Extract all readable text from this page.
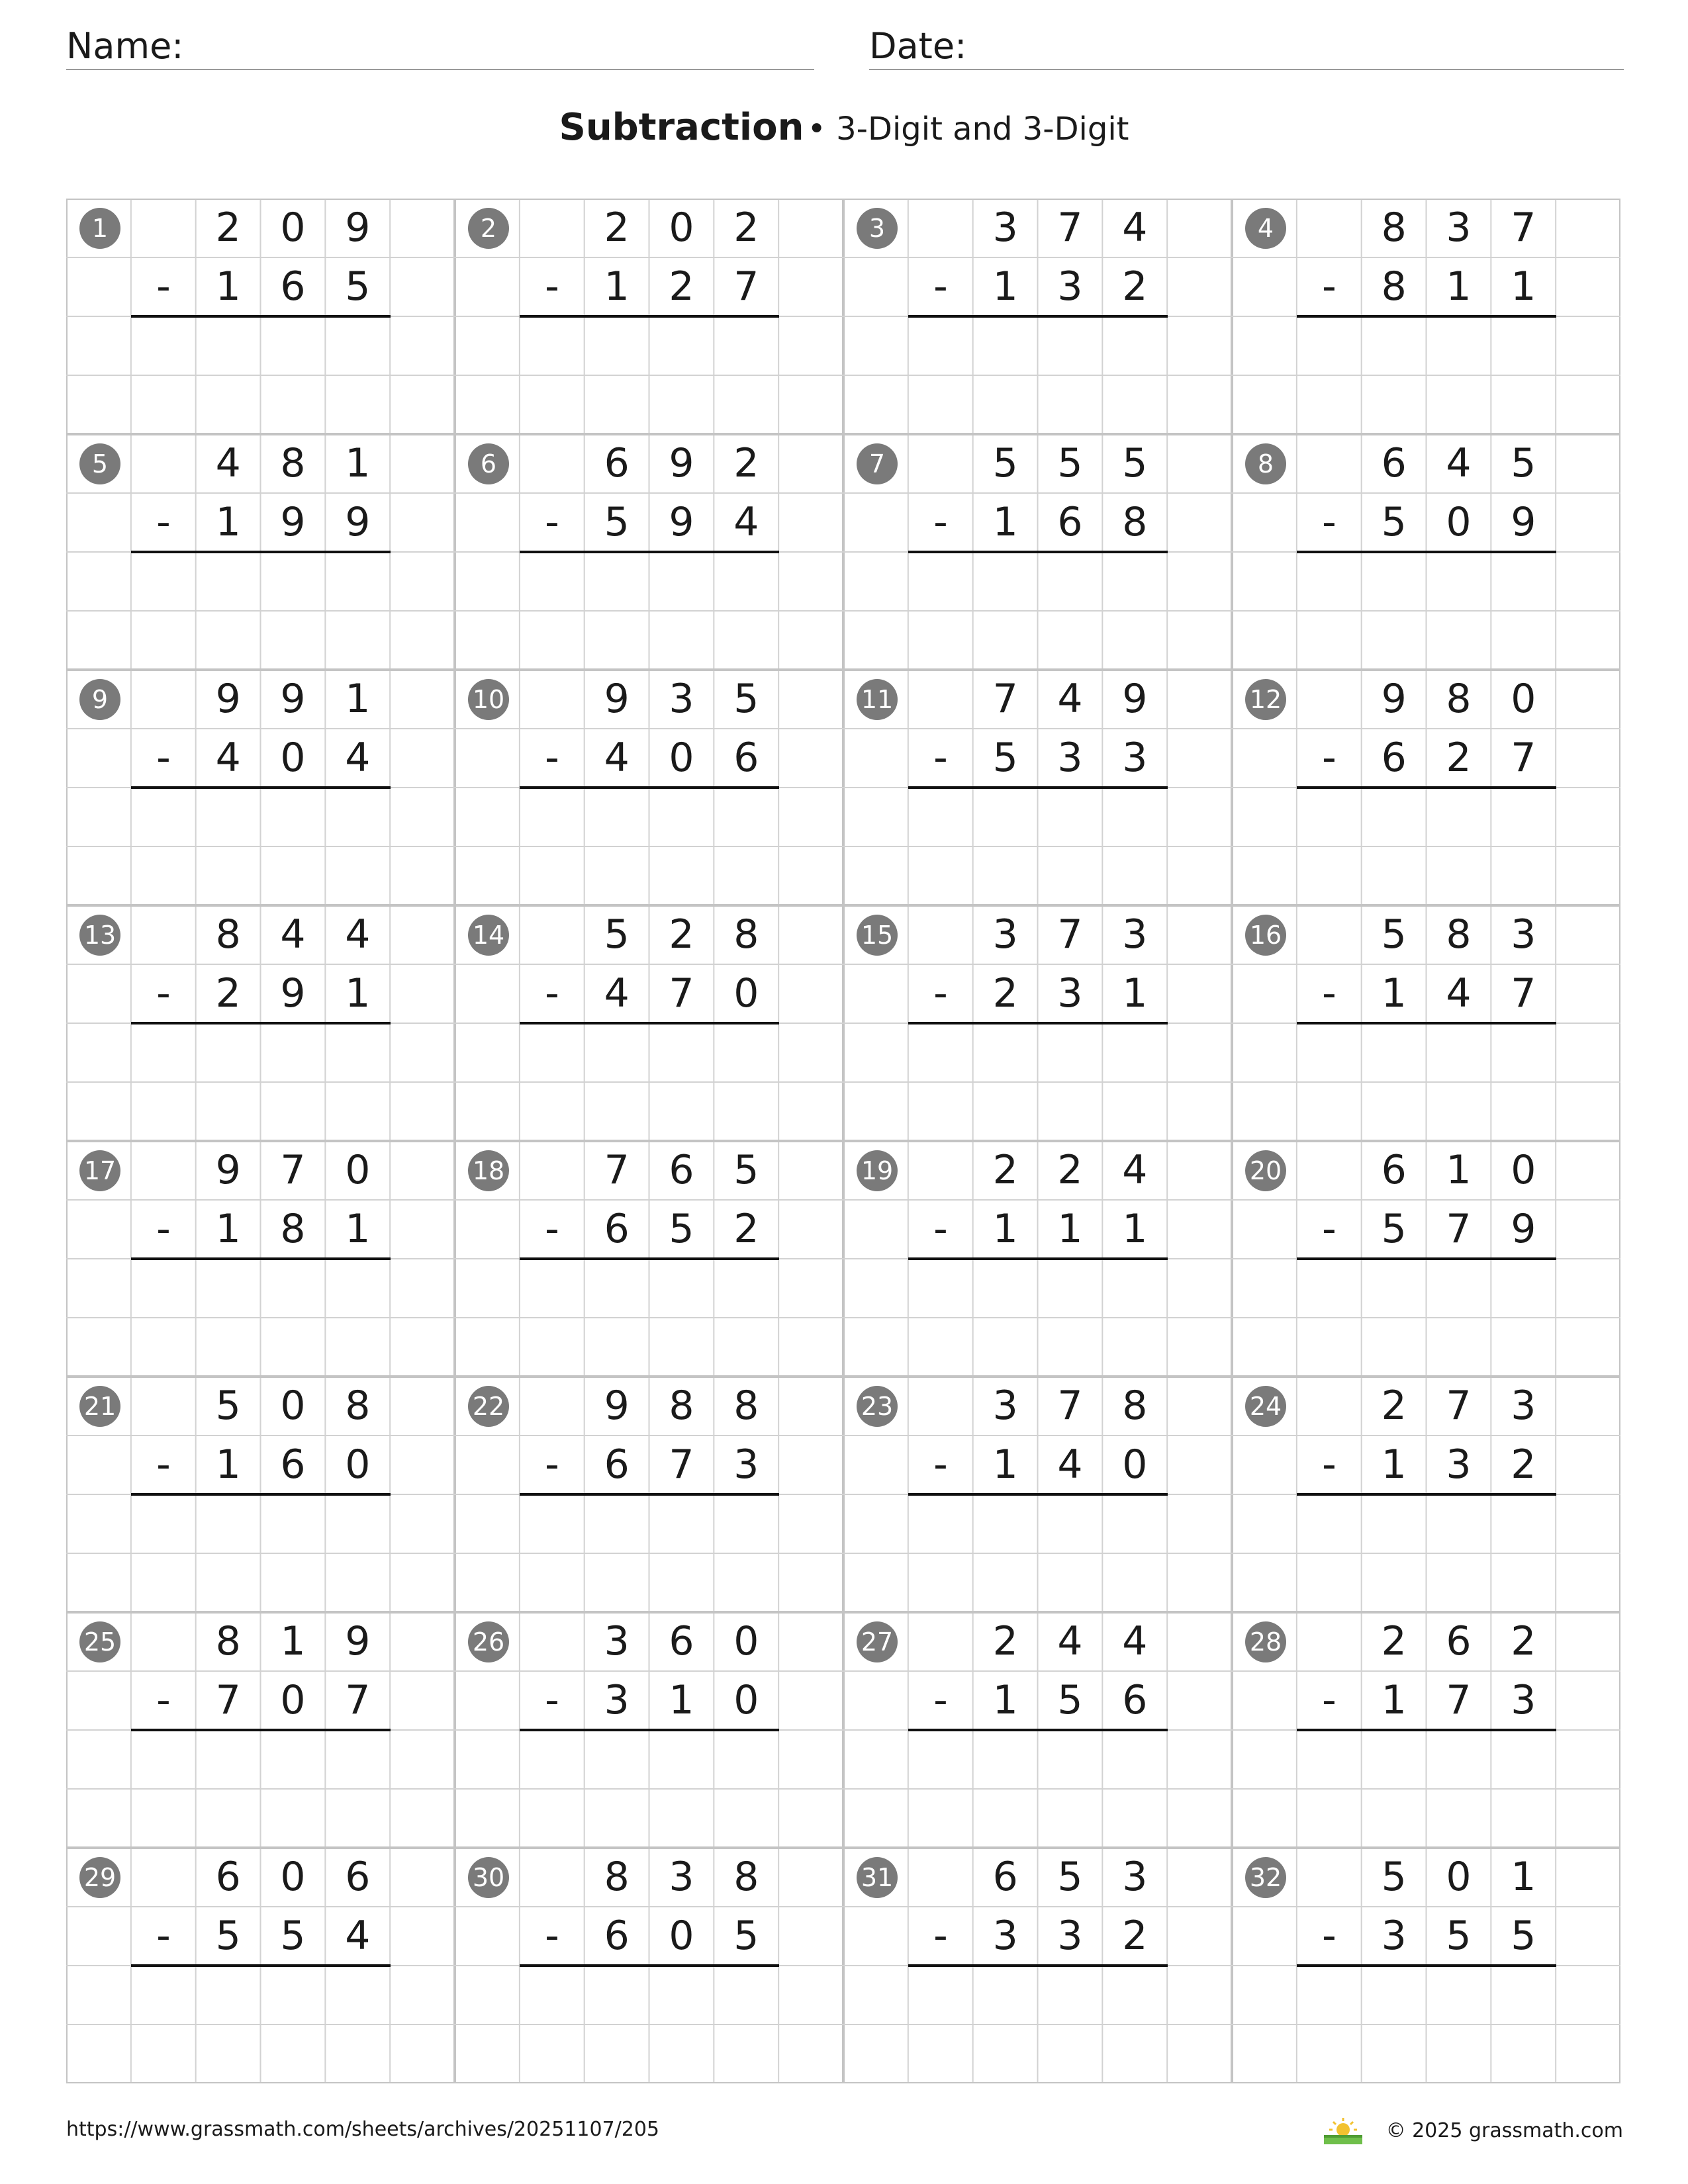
Name:	Date:
Subtraction • 3-Digit and 3-Digit
1	2 0 9
-	1 6 5
2	2 0 2
-	1 2 7
3	3 7 4
-	1 3 2
4	8 3 7
-	8 1 1
5	4 8 1
-	1 9 9
6	6 9 2
-	5 9 4
7	5 5 5
-	1 6 8
8	6 4 5
-	5 0 9
9	9 9 1
-	4 0 4
10	9 3 5
-	4 0 6
11	7 4 9
-	5 3 3
12	9 8 0
-	6 2 7
13	8 4 4
-	2 9 1
14	5 2 8
-	4 7 0
15	3 7 3
-	2 3 1
16	5 8 3
-	1 4 7
17	9 7 0
-	1 8 1
18	7 6 5
-	6 5 2
19	2 2 4
-	1 1 1
20	6 1 0
-	5 7 9
21	5 0 8
-	1 6 0
22	9 8 8
-	6 7 3
23	3 7 8
-	1 4 0
24	2 7 3
-	1 3 2
25	8 1 9
-	7 0 7
26	3 6 0
-	3 1 0
27	2 4 4
-	1 5 6
28	2 6 2
-	1 7 3
29	6 0 6
-	5 5 4
30	8 3 8
-	6 0 5
31	6 5 3
-	3 3 2
32	5 0 1
-	3 5 5
https://www.grassmath.com/sheets/archives/20251107/205	© 2025 grassmath.com
